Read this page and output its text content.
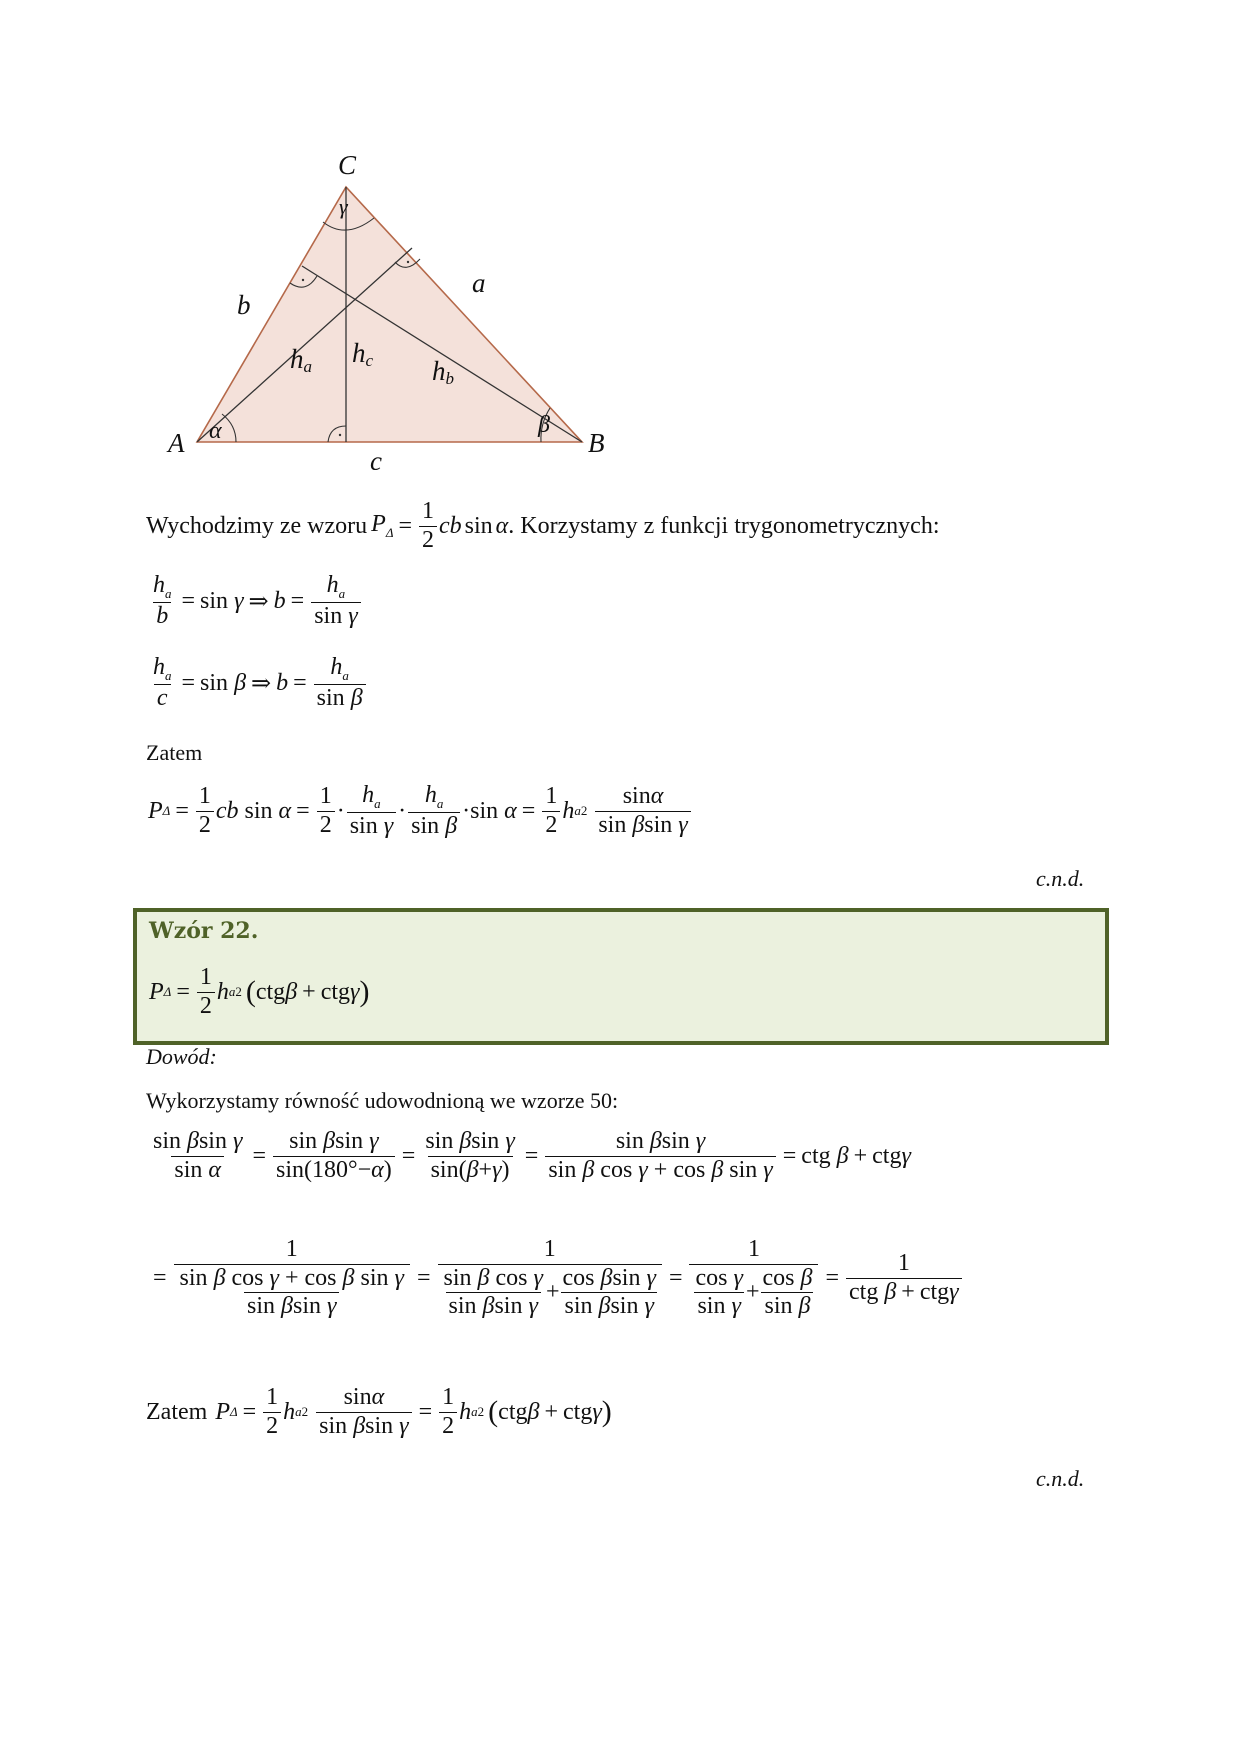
C
A	B
b
a
c
ha hc hb
α	β
γ
Wychodzimy ze wzoru $P_\Delta = \frac{1}{2}$ cb sin α . Korzystamy z funkcji trygonometrycznych:
$\frac{h_a}{b} = \sin$
γ ⇒ $b = \frac{h_a}{\text{sin γ}}$
$\frac{h_a}{c} = \sin$
β ⇒ $b = \frac{h_a}{\text{sin β}}$
Zatem
P $\Delta = \frac{1}{2}$ cb
sin
$\alpha = \frac{1}{2} \cdot \frac{h_a}{\text{sin γ}} \cdot \frac{h_a}{\text{sin β}} \cdot \sin$
$\alpha = \frac{1}{2}$ h a 2
$\frac{\sin\alpha}{\text{sin βsin γ}}$
c.n.d.
Wzór 22.
P $\Delta = \frac{1}{2}$ h a 2 ( ctg β + ctg γ )
Dowód:
Wykorzystamy równość udowodnioną we wzorze 50:
$\frac{\text{sin βsin γ}}{\text{sin α}} = \frac{\text{sin βsin γ}}{\sin(180^\circ-\alpha)} = \frac{\text{sin βsin γ}}{\sin(\beta+\gamma)} = \frac{\text{sin βsin γ}}{\text{sin β cos γ + cos β sin γ}}$ = ctg
β + ctg γ
= $\frac{1}{\frac{\text{sin β cos γ + cos β sin γ}}{\text{sin βsin γ}}} = \frac{1}{\frac{\text{sin β cos γ}}{\text{sin βsin γ}} + \frac{\text{cos βsin γ}}{\text{sin βsin γ}}} = \frac{1}{\frac{\text{cos γ}}{\text{sin γ}} + \frac{\text{cos β}}{\text{sin β}}} = \frac{1}{\text{ctg β + ctgγ}}$
Zatem P $\Delta = \frac{1}{2}$ h a 2
$\frac{\sin\alpha}{\text{sin βsin γ}} = \frac{1}{2}$ h a 2 ( ctg β + ctg γ )
c.n.d.
